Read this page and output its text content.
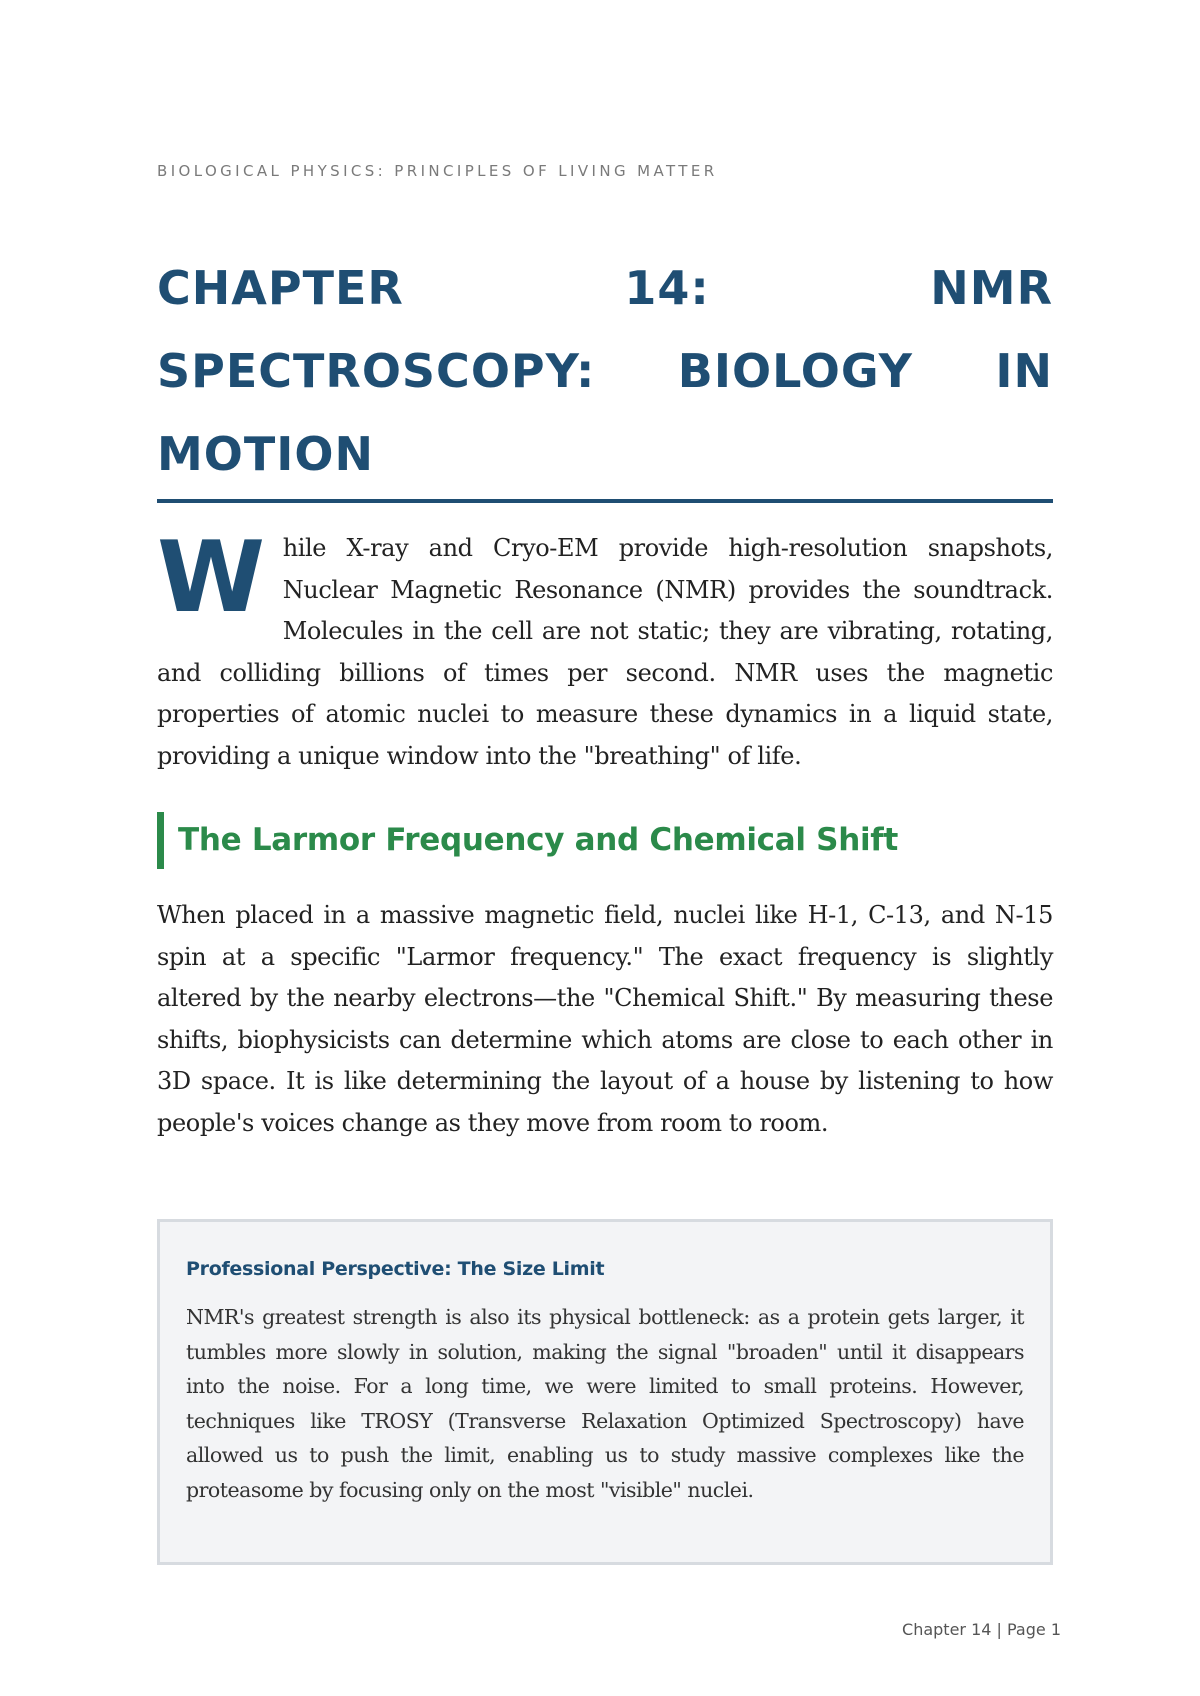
BIOLOGICAL PHYSICS: PRINCIPLES OF LIVING MATTER
CHAPTER 14: NMR SPECTROSCOPY: BIOLOGY IN MOTION

While X-ray and Cryo-EM provide high-resolution snapshots, Nuclear Magnetic Resonance (NMR) provides the soundtrack. Molecules in the cell are not static; they are vibrating, rotating, and colliding billions of times per second. NMR uses the magnetic properties of atomic nuclei to measure these dynamics in a liquid state, providing a unique window into the "breathing" of life.

The Larmor Frequency and Chemical Shift

When placed in a massive magnetic field, nuclei like H-1, C-13, and N-15 spin at a specific "Larmor frequency." The exact frequency is slightly altered by the nearby electrons—the "Chemical Shift." By measuring these shifts, biophysicists can determine which atoms are close to each other in 3D space. It is like determining the layout of a house by listening to how people's voices change as they move from room to room.

Professional Perspective: The Size Limit

NMR's greatest strength is also its physical bottleneck: as a protein gets larger, it tumbles more slowly in solution, making the signal "broaden" until it disappears into the noise. For a long time, we were limited to small proteins. However, techniques like TROSY (Transverse Relaxation Optimized Spectroscopy) have allowed us to push the limit, enabling us to study massive complexes like the proteasome by focusing only on the most "visible" nuclei.

Chapter 14 | Page 1
